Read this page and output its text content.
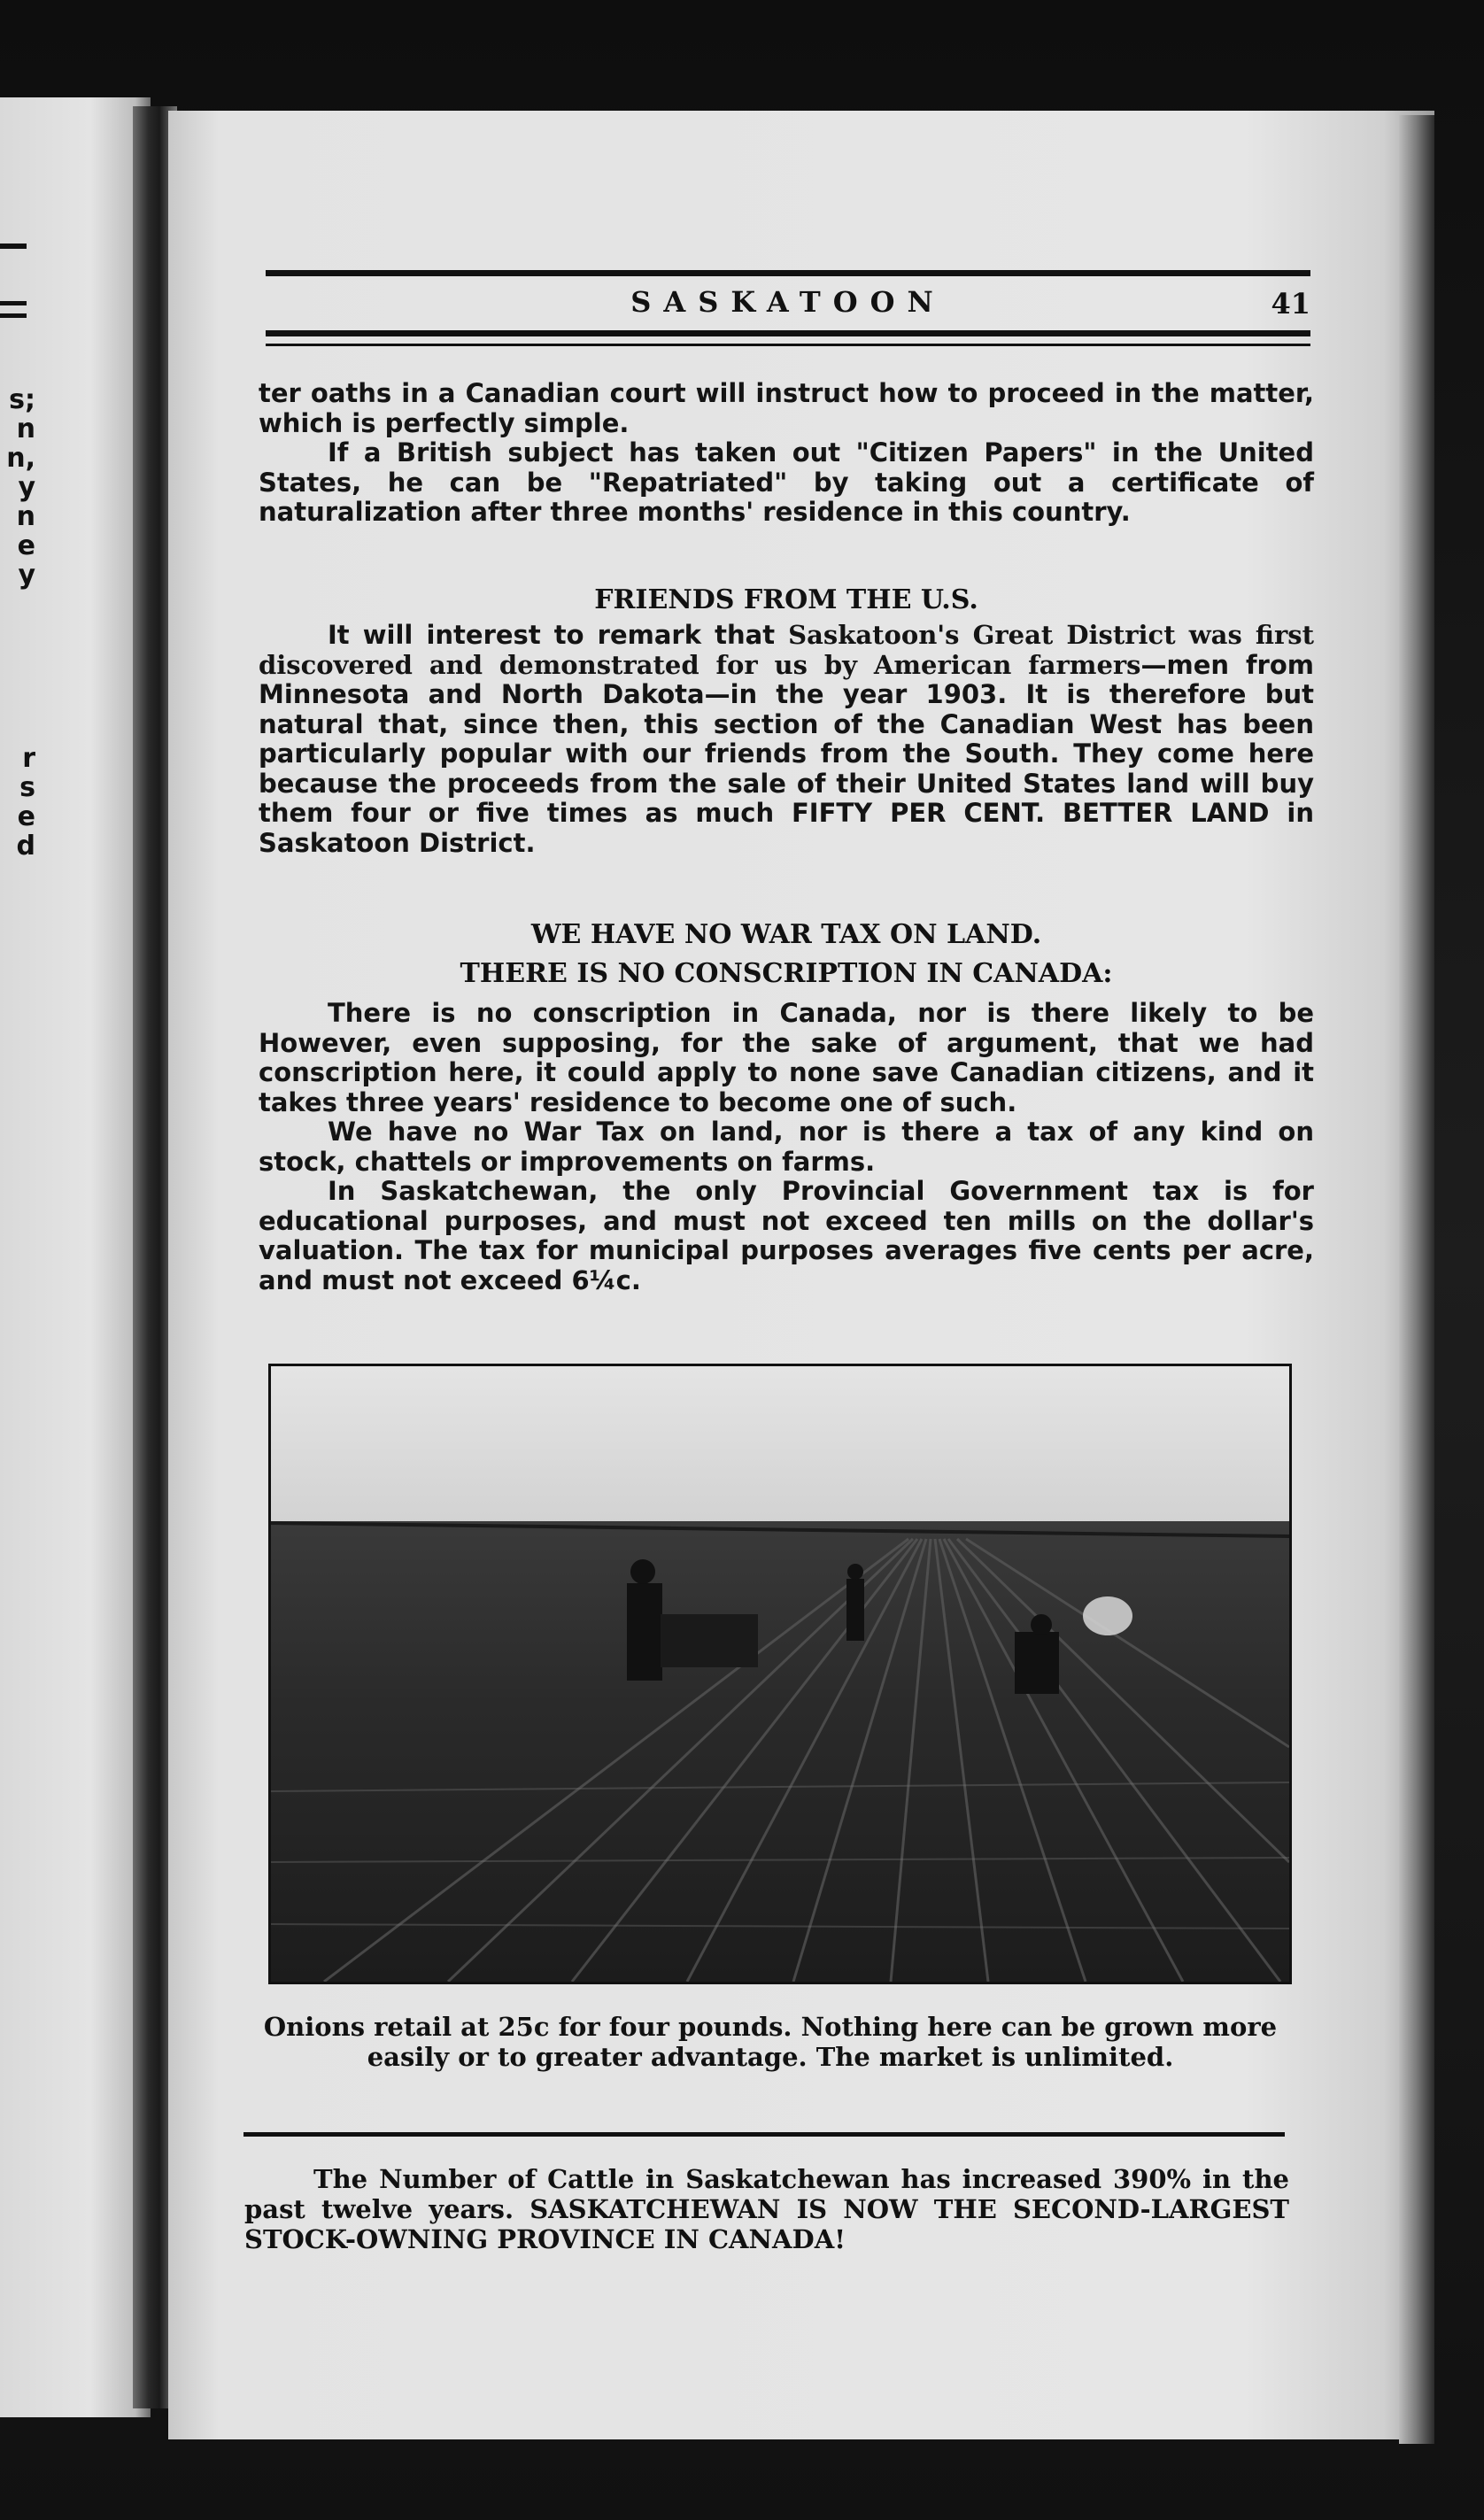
s;
n
n,
y
n
e
y
r
s
e
d
SASKATOON	41

ter oaths in a Canadian court will instruct how to proceed in the matter, which is perfectly simple.

If a British subject has taken out "Citizen Papers" in the United States, he can be "Repatriated" by taking out a certificate of naturalization after three months' residence in this country.

FRIENDS FROM THE U.S.

It will interest to remark that Saskatoon's Great District was first discovered and demonstrated for us by American farmers—men from Minnesota and North Dakota—in the year 1903. It is therefore but natural that, since then, this section of the Canadian West has been particularly popular with our friends from the South. They come here because the proceeds from the sale of their United States land will buy them four or five times as much FIFTY PER CENT. BETTER LAND in Saskatoon District.

WE HAVE NO WAR TAX ON LAND.
THERE IS NO CONSCRIPTION IN CANADA:

There is no conscription in Canada, nor is there likely to be However, even supposing, for the sake of argument, that we had conscription here, it could apply to none save Canadian citizens, and it takes three years' residence to become one of such.

We have no War Tax on land, nor is there a tax of any kind on stock, chattels or improvements on farms.

In Saskatchewan, the only Provincial Government tax is for educational purposes, and must not exceed ten mills on the dollar's valuation. The tax for municipal purposes averages five cents per acre, and must not exceed 6¼c.

Onions retail at 25c for four pounds. Nothing here can be grown more easily or to greater advantage. The market is unlimited.

The Number of Cattle in Saskatchewan has increased 390% in the past twelve years. SASKATCHEWAN IS NOW THE SECOND-LARGEST STOCK-OWNING PROVINCE IN CANADA!
